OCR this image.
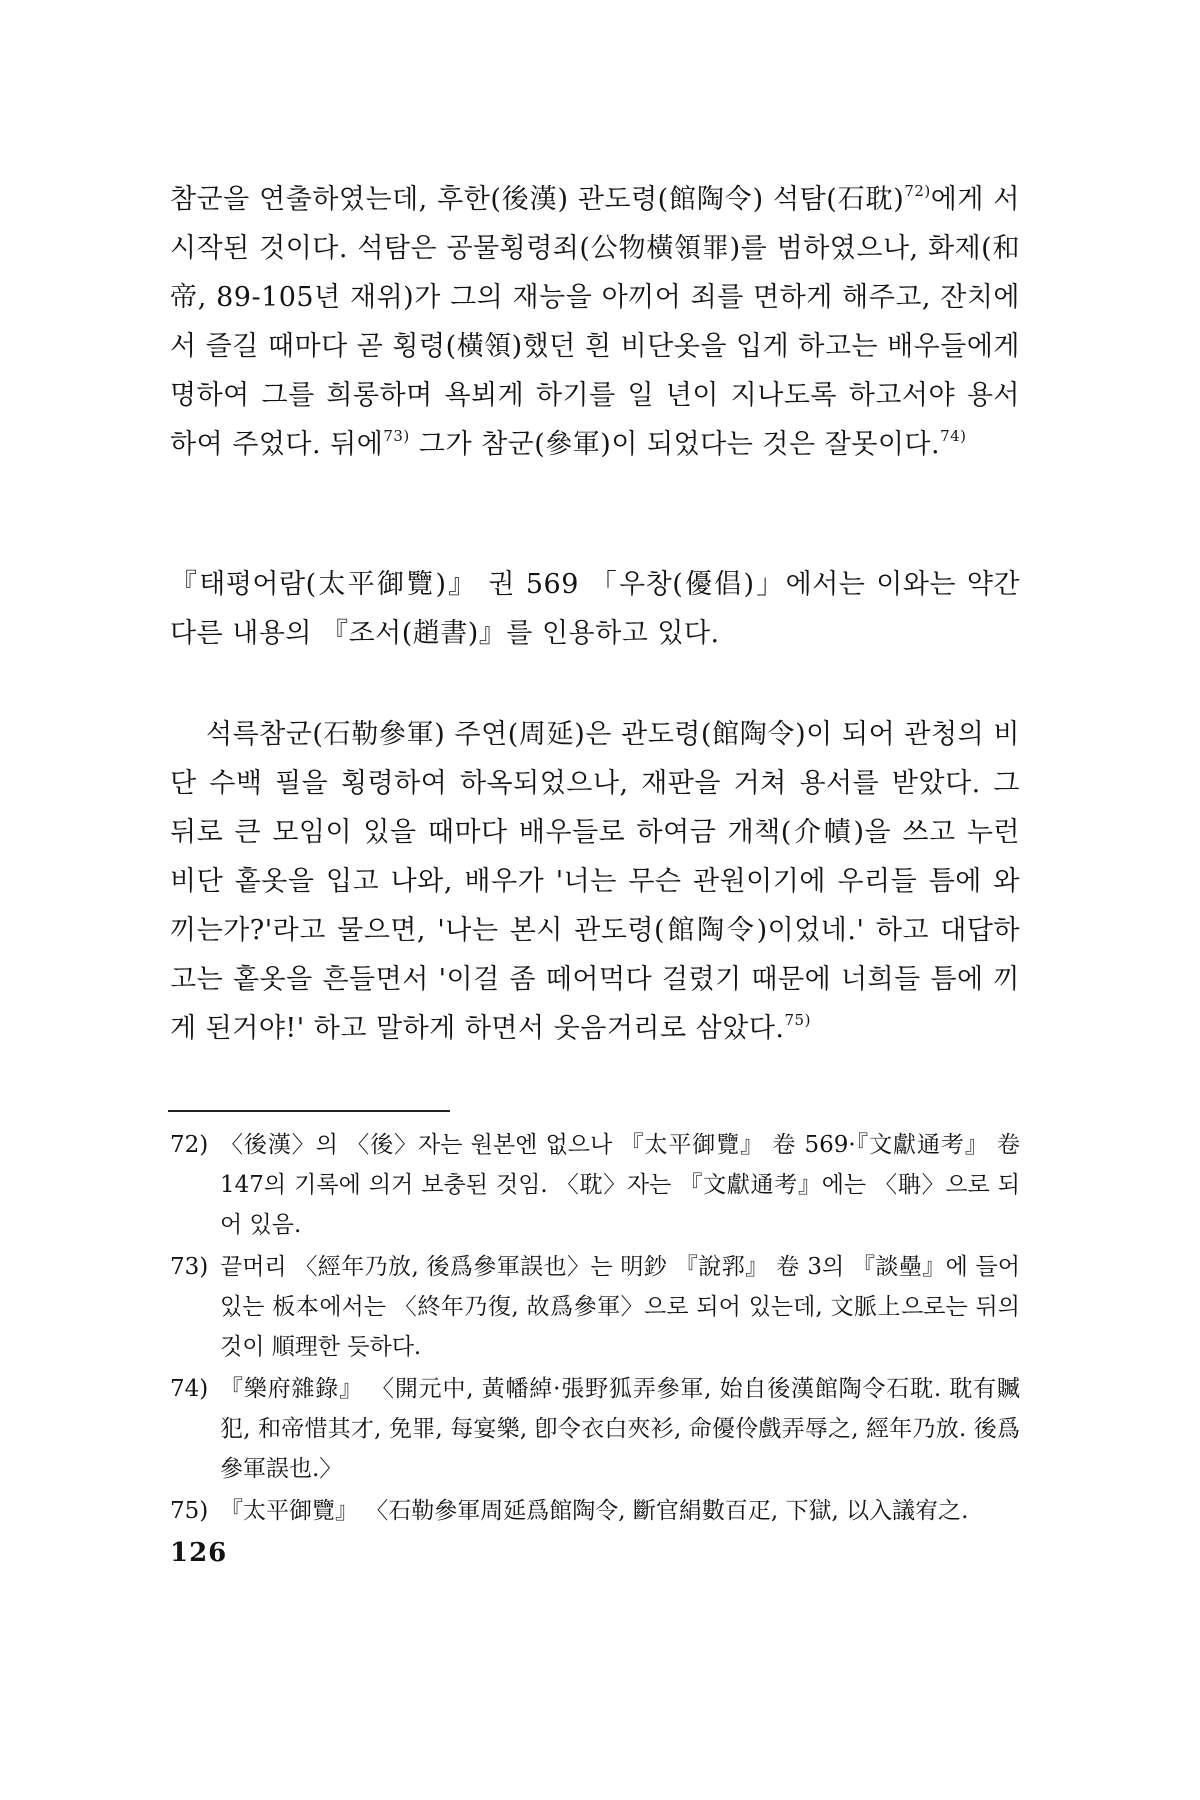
참군을 연출하였는데, 후한(後漢) 관도령(館陶令) 석탐(石耽)$^{72)}$에게 서 시작된 것이다. 석탐은 공물횡령죄(公物橫領罪)를 범하였으나, 화제(和帝, 89-105년 재위)가 그의 재능을 아끼어 죄를 면하게 해주고, 잔치에서 즐길 때마다 곧 횡령(橫領)했던 흰 비단옷을 입게 하고는 배우들에게 명하여 그를 희롱하며 욕뵈게 하기를 일 년이 지나도록 하고서야 용서하여 주었다. 뒤에$^{73)}$ 그가 참군(參軍)이 되었다는 것은 잘못이다.$^{74)}$
『태평어람(太平御覽)』 권 569 「우창(優倡)」에서는 이와는 약간 다른 내용의 『조서(趙書)』를 인용하고 있다.
석륵참군(石勒參軍) 주연(周延)은 관도령(館陶令)이 되어 관청의 비단 수백 필을 횡령하여 하옥되었으나, 재판을 거쳐 용서를 받았다. 그 뒤로 큰 모임이 있을 때마다 배우들로 하여금 개책(介幘)을 쓰고 누런 비단 홑옷을 입고 나와, 배우가 '너는 무슨 관원이기에 우리들 틈에 와 끼는가?'라고 물으면, '나는 본시 관도령(館陶令)이었네.' 하고 대답하고는 홑옷을 흔들면서 '이걸 좀 떼어먹다 걸렸기 때문에 너희들 틈에 끼게 된거야!' 하고 말하게 하면서 웃음거리로 삼았다.$^{75)}$
72) 〈後漢〉의 〈後〉자는 원본엔 없으나 『太平御覽』 卷 569·『文獻通考』 卷 147의 기록에 의거 보충된 것임. 〈耽〉자는 『文獻通考』에는 〈聃〉으로 되어 있음.
73) 끝머리 〈經年乃放, 後爲參軍誤也〉는 明鈔 『說郛』 卷 3의 『談壘』에 들어 있는 板本에서는 〈終年乃復, 故爲參軍〉으로 되어 있는데, 文脈上으로는 뒤의 것이 順理한 듯하다.
74) 『樂府雜錄』 〈開元中, 黃幡綽·張野狐弄參軍, 始自後漢館陶令石耽. 耽有贓犯, 和帝惜其才, 免罪, 每宴樂, 卽令衣白夾衫, 命優伶戲弄辱之, 經年乃放. 後爲參軍誤也.〉
75) 『太平御覽』 〈石勒參軍周延爲館陶令, 斷官絹數百疋, 下獄, 以入議宥之.
126
